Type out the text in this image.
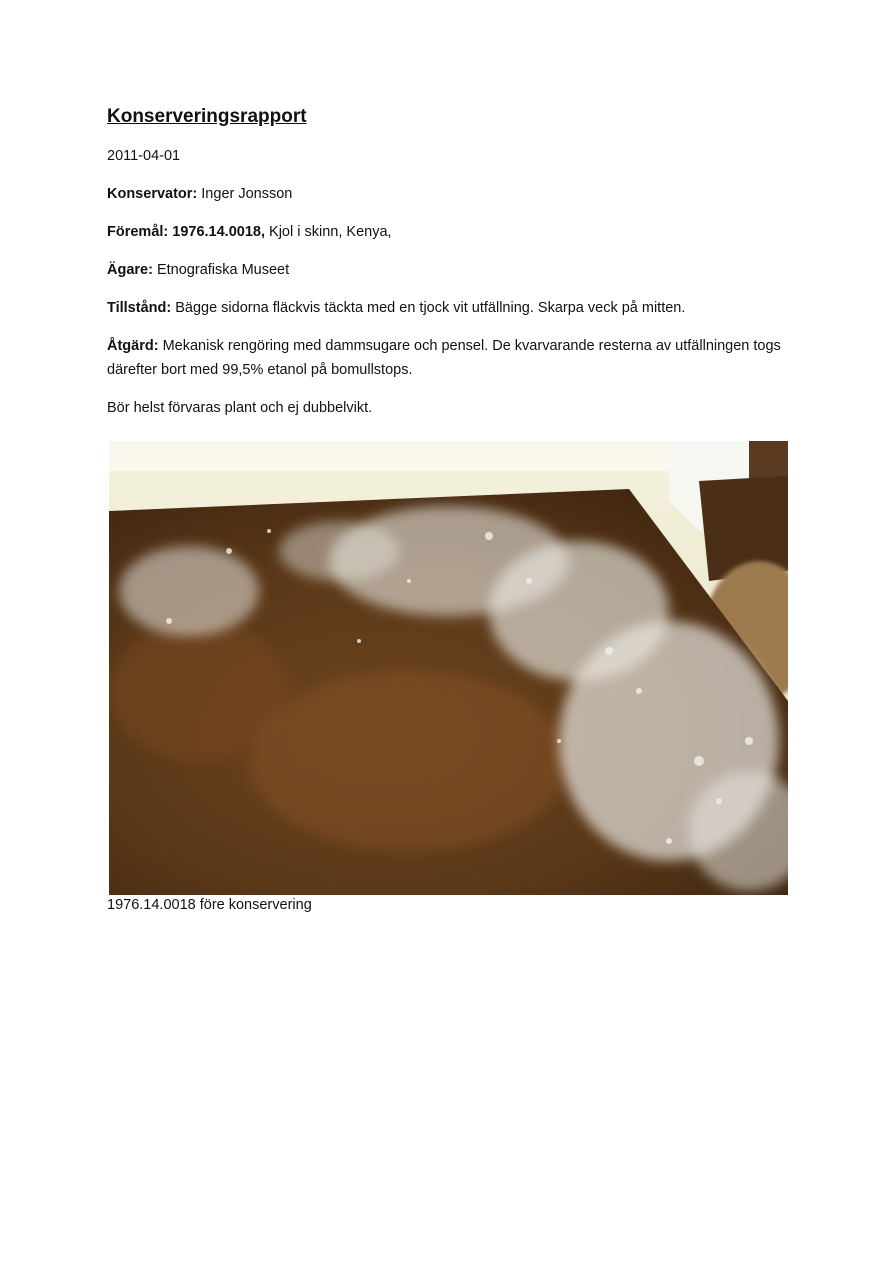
Konserveringsrapport
2011-04-01
Konservator: Inger Jonsson
Föremål: 1976.14.0018, Kjol i skinn, Kenya,
Ägare: Etnografiska Museet
Tillstånd: Bägge sidorna fläckvis täckta med en tjock vit utfällning. Skarpa veck på mitten.
Åtgärd: Mekanisk rengöring med dammsugare och pensel. De kvarvarande resterna av utfällningen togs därefter bort med 99,5% etanol på bomullstops.
Bör helst förvaras plant och ej dubbelvikt.
1976.14.0018 före konservering
